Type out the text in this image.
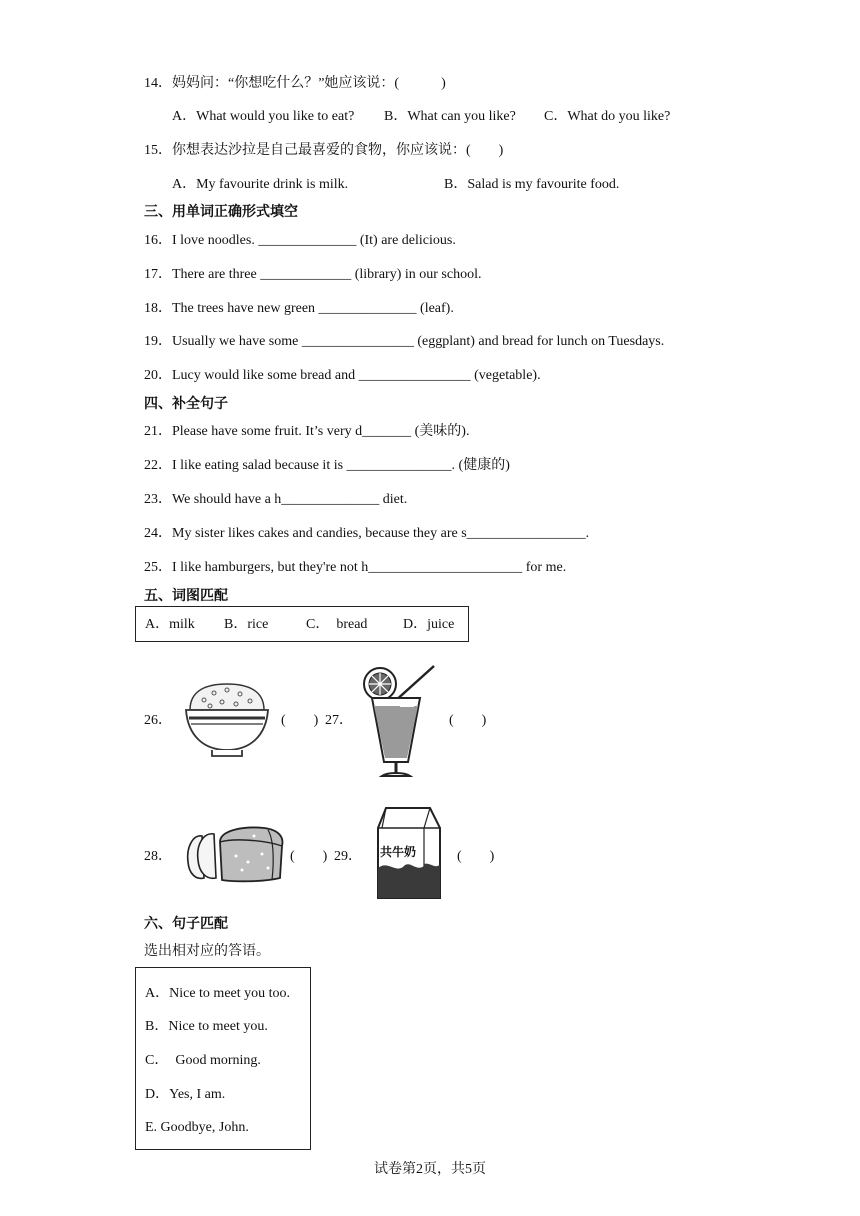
14．妈妈问：“你想吃什么？”她应该说：(　　　)
A．What would you like to eat? B．What can you like? C．What do you like?
15．你想表达沙拉是自己最喜爱的食物，你应该说：(　　)
A．My favourite drink is milk.	B．Salad is my favourite food.
三、用单词正确形式填空
16．I love noodles. ______________ (It) are delicious.
17．There are three _____________ (library) in our school.
18．The trees have new green ______________ (leaf).
19．Usually we have some ________________ (eggplant) and bread for lunch on Tuesdays.
20．Lucy would like some bread and ________________ (vegetable).
四、补全句子
21．Please have some fruit. It’s very d_______ (美味的).
22．I like eating salad because it is _______________. (健康的)
23．We should have a h______________ diet.
24．My sister likes cakes and candies, because they are s_________________.
25．I like hamburgers, but they're not h______________________ for me.
五、词图匹配
A．milk B．rice	C．　bread	D．juice
26．	(　　) 27．	(　　)
28．	(　　) 29． 共牛奶	(　　)
六、句子匹配
选出相对应的答语。
A．Nice to meet you too.
B．Nice to meet you.
C．　Good morning.
D．Yes, I am.
E. Goodbye, John.
试卷第2页，共5页
